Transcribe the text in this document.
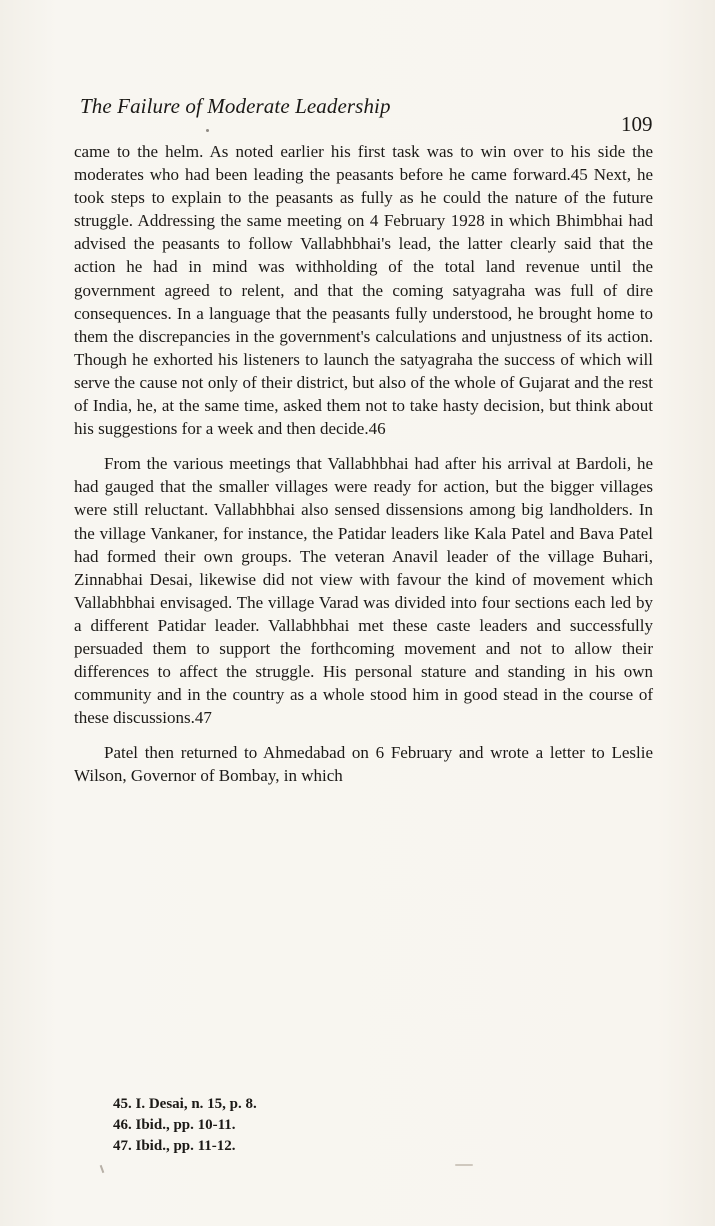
The Failure of Moderate Leadership
109

came to the helm. As noted earlier his first task was to win over to his side the moderates who had been leading the peasants before he came forward.45 Next, he took steps to explain to the peasants as fully as he could the nature of the future struggle. Addressing the same meeting on 4 February 1928 in which Bhimbhai had advised the peasants to follow Vallabhbhai's lead, the latter clearly said that the action he had in mind was withholding of the total land revenue until the government agreed to relent, and that the coming satyagraha was full of dire consequences. In a language that the peasants fully understood, he brought home to them the discrepancies in the government's calculations and unjustness of its action. Though he exhorted his listeners to launch the satyagraha the success of which will serve the cause not only of their district, but also of the whole of Gujarat and the rest of India, he, at the same time, asked them not to take hasty decision, but think about his suggestions for a week and then decide.46

From the various meetings that Vallabhbhai had after his arrival at Bardoli, he had gauged that the smaller villages were ready for action, but the bigger villages were still reluctant. Vallabhbhai also sensed dissensions among big landholders. In the village Vankaner, for instance, the Patidar leaders like Kala Patel and Bava Patel had formed their own groups. The veteran Anavil leader of the village Buhari, Zinnabhai Desai, likewise did not view with favour the kind of movement which Vallabhbhai envisaged. The village Varad was divided into four sections each led by a different Patidar leader. Vallabhbhai met these caste leaders and successfully persuaded them to support the forthcoming movement and not to allow their differences to affect the struggle. His personal stature and standing in his own community and in the country as a whole stood him in good stead in the course of these discussions.47

Patel then returned to Ahmedabad on 6 February and wrote a letter to Leslie Wilson, Governor of Bombay, in which

45. I. Desai, n. 15, p. 8.

46. Ibid., pp. 10-11.

47. Ibid., pp. 11-12.
